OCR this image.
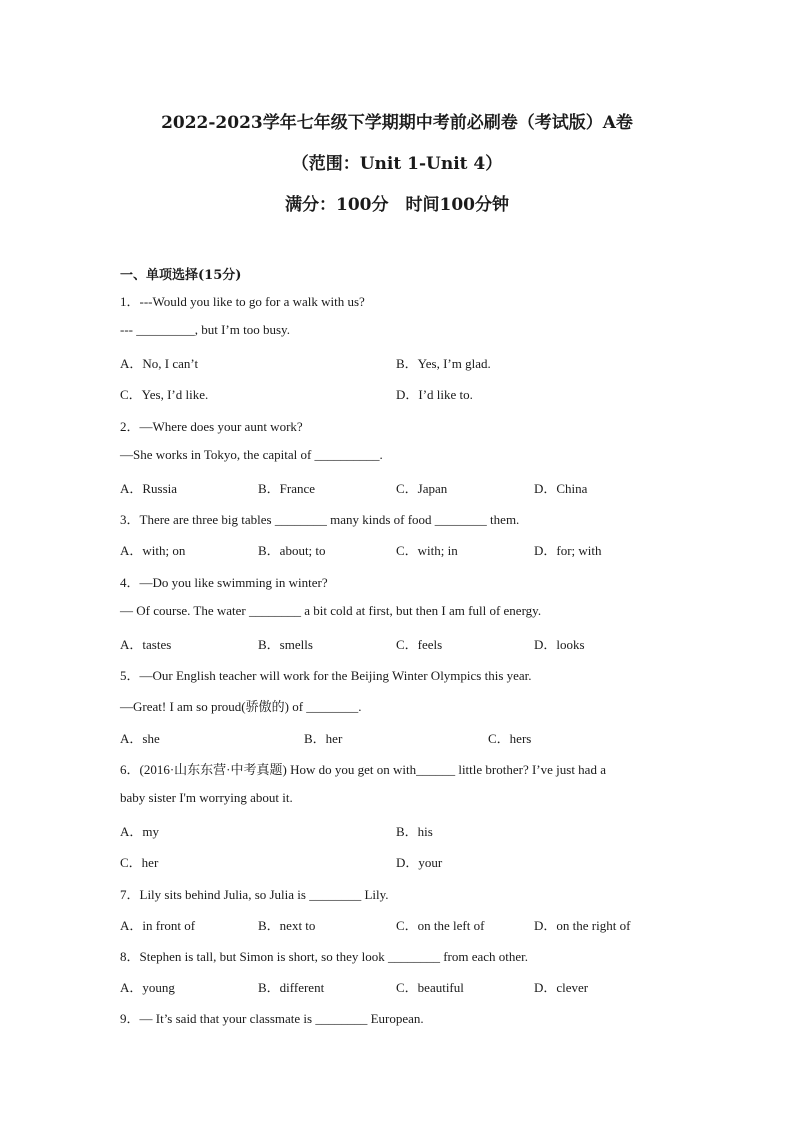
2022-2023学年七年级下学期期中考前必刷卷（考试版）A卷
（范围：Unit 1-Unit 4）
满分：100分　时间100分钟
一、单项选择(15分)
1．---Would you like to go for a walk with us?
--- _________, but I’m too busy.
A．No, I can’t	B．Yes, I’m glad.
C．Yes, I’d like.	D．I’d like to.
2．—Where does your aunt work?
—She works in Tokyo, the capital of __________.
A．Russia	B．France	C．Japan	D．China
3．There are three big tables ________ many kinds of food ________ them.
A．with; on	B．about; to	C．with; in	D．for; with
4．—Do you like swimming in winter?
— Of course. The water ________ a bit cold at first, but then I am full of energy.
A．tastes	B．smells	C．feels	D．looks
5．—Our English teacher will work for the Beijing Winter Olympics this year.
—Great! I am so proud(骄傲的) of ________.
A．she	B．her	C．hers
6．(2016·山东东营·中考真题) How do you get on with______ little brother? I’ve just had a
baby sister I'm worrying about it.
A．my	B．his
C．her	D．your
7．Lily sits behind Julia, so Julia is ________ Lily.
A．in front of	B．next to	C．on the left of	D．on the right of
8．Stephen is tall, but Simon is short, so they look ________ from each other.
A．young	B．different	C．beautiful	D．clever
9．— It’s said that your classmate is ________ European.
